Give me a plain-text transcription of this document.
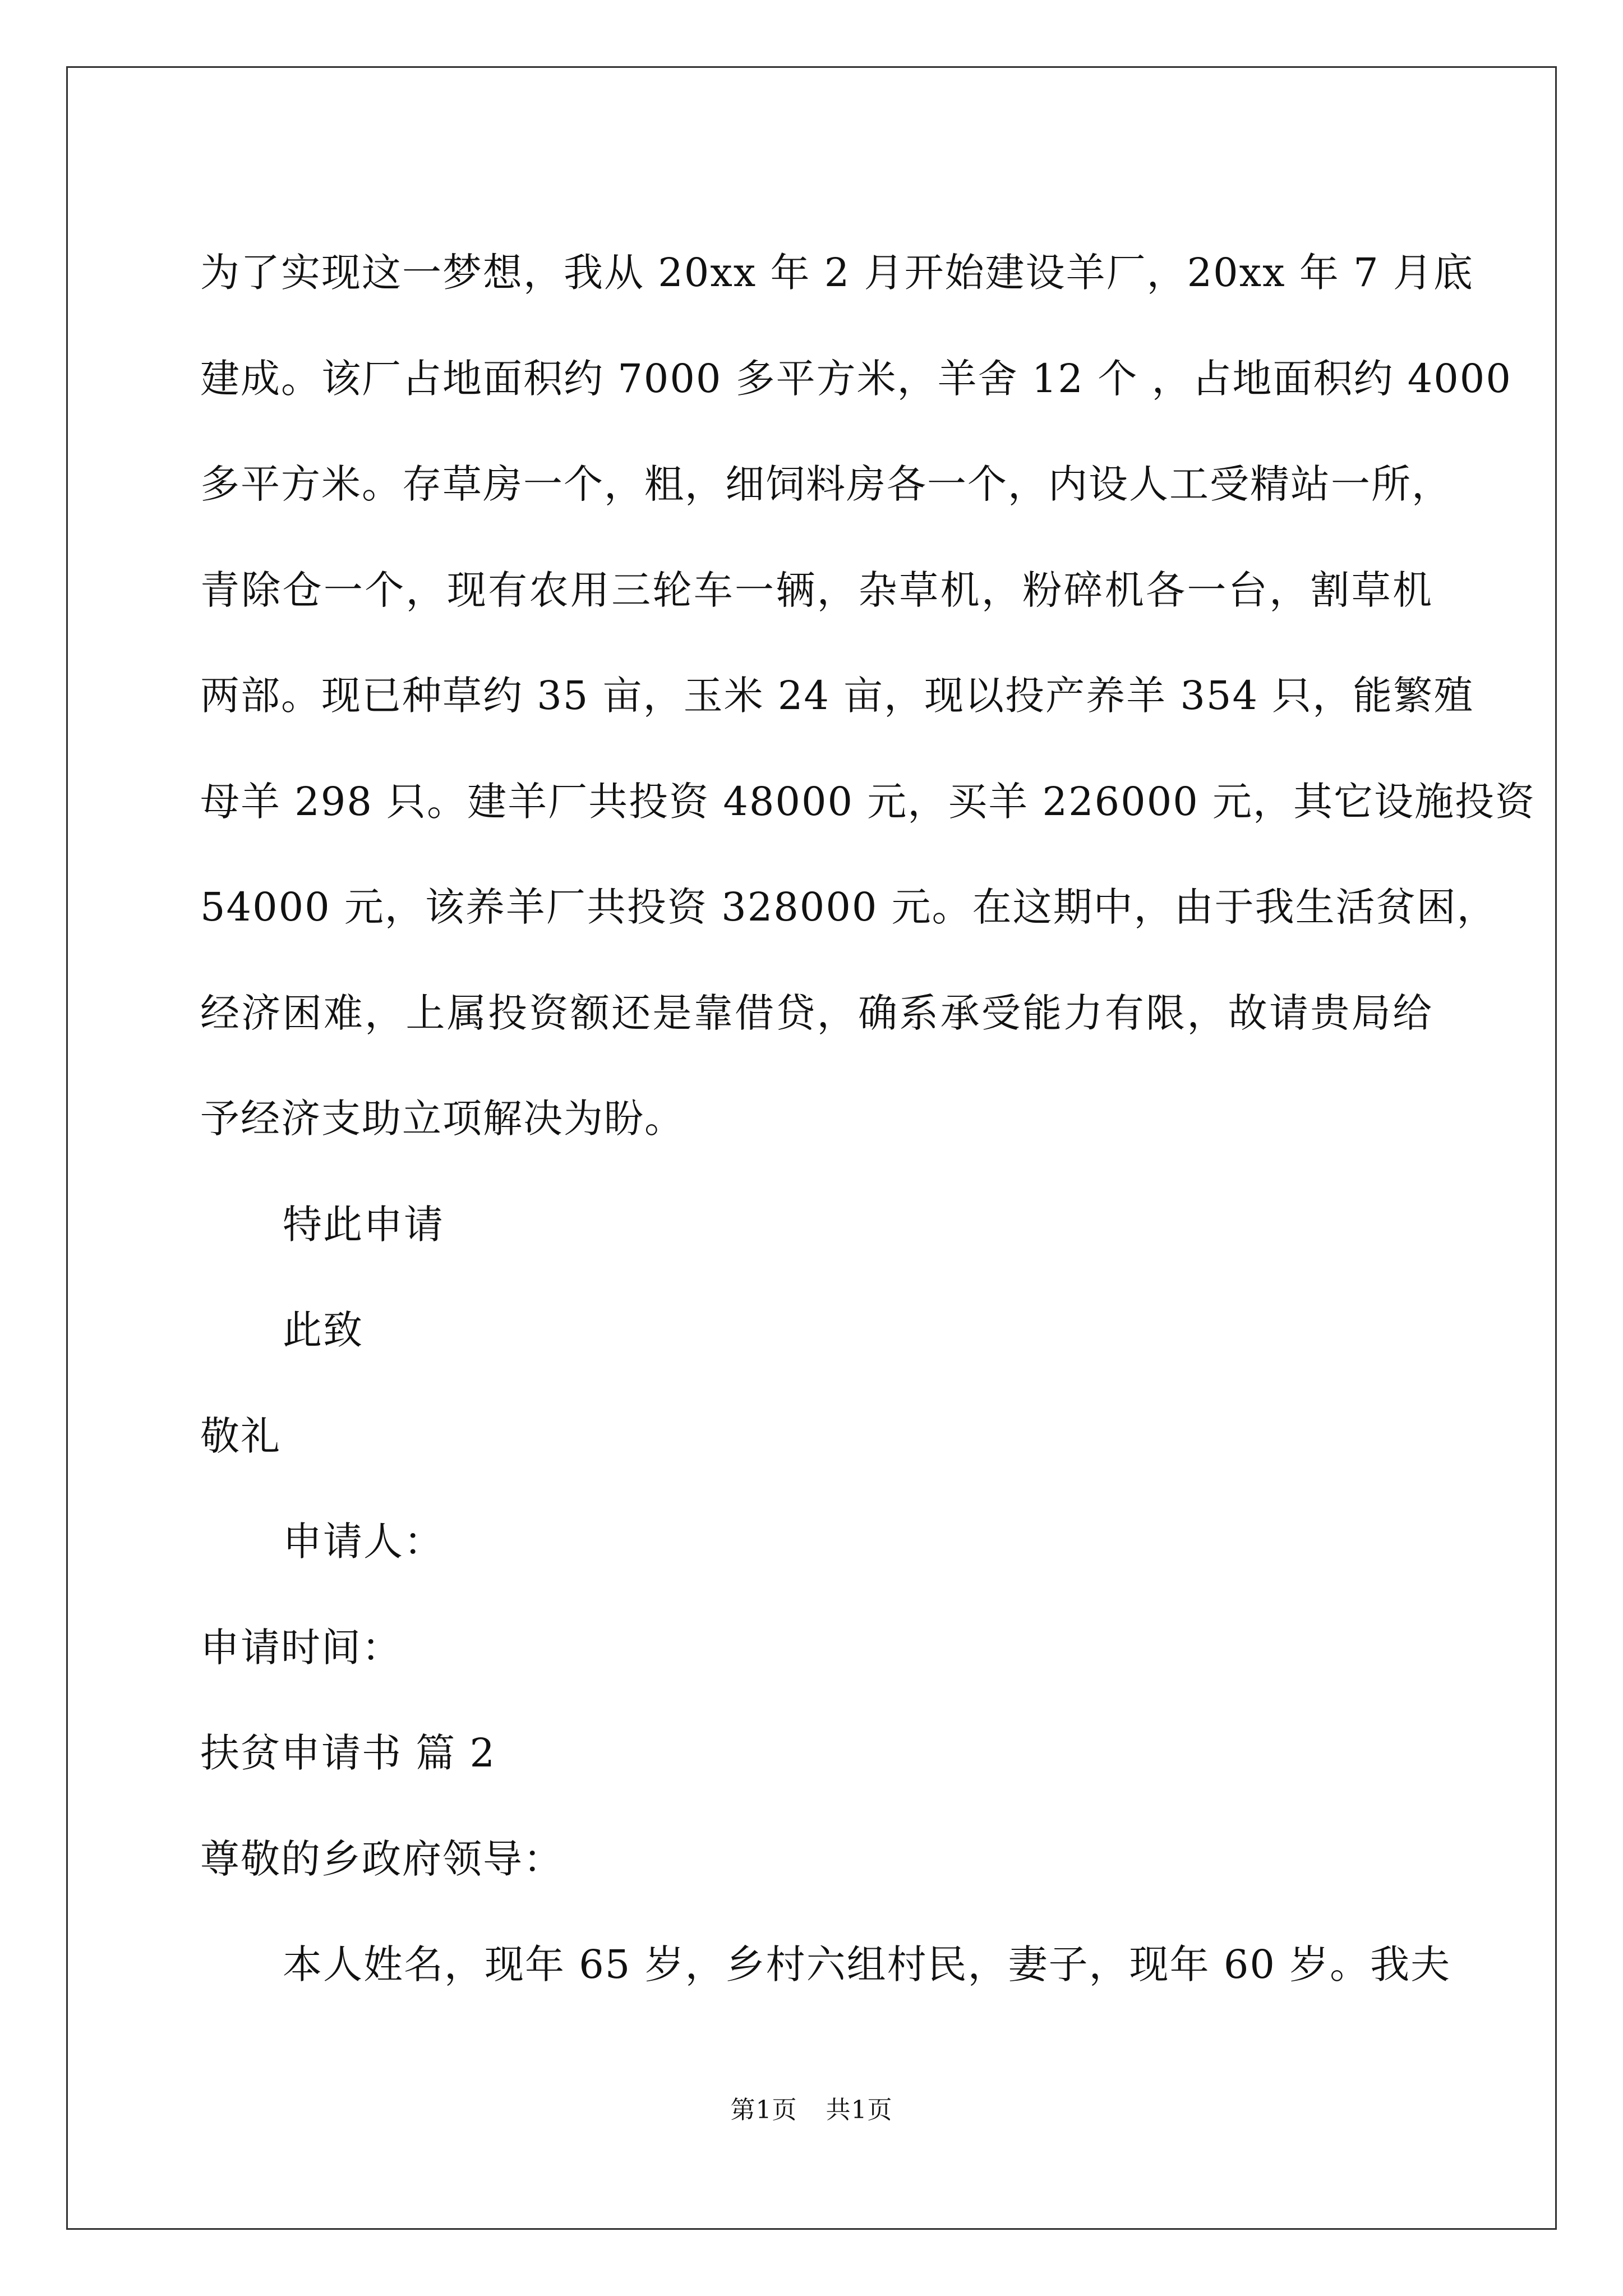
为了实现这一梦想，我从 20xx 年 2 月开始建设羊厂，20xx 年 7 月底
建成。该厂占地面积约 7000 多平方米，羊舍 12 个 ，占地面积约 4000
多平方米。存草房一个，粗，细饲料房各一个，内设人工受精站一所，
青除仓一个，现有农用三轮车一辆，杂草机，粉碎机各一台，割草机
两部。现已种草约 35 亩，玉米 24 亩，现以投产养羊 354 只，能繁殖
母羊 298 只。建羊厂共投资 48000 元，买羊 226000 元，其它设施投资
54000 元，该养羊厂共投资 328000 元。在这期中，由于我生活贫困，
经济困难，上属投资额还是靠借贷，确系承受能力有限，故请贵局给
予经济支助立项解决为盼。
特此申请
此致
敬礼
申请人：
申请时间：
扶贫申请书 篇 2
尊敬的乡政府领导：
本人姓名，现年 65 岁，乡村六组村民，妻子，现年 60 岁。我夫
第1页 共1页
